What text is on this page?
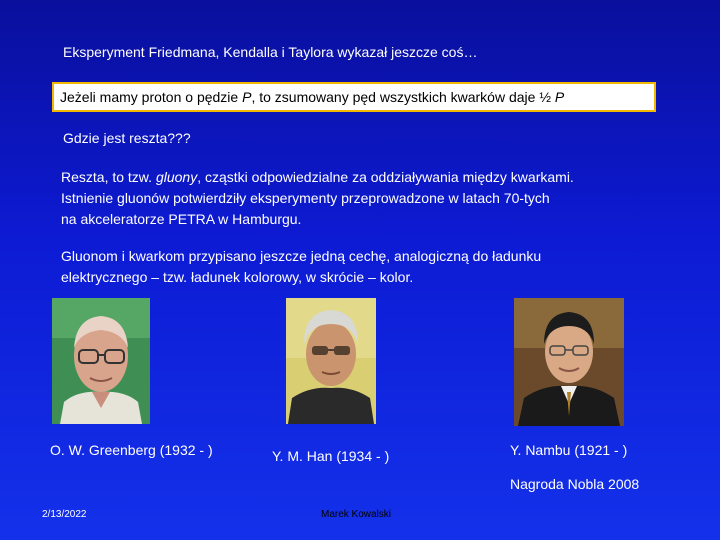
Eksperyment Friedmana, Kendalla i Taylora wykazał jeszcze coś…
Jeżeli mamy proton o pędzie P, to zsumowany pęd wszystkich kwarków daje ½ P
Gdzie jest reszta???
Reszta, to tzw. gluony, cząstki odpowiedzialne za oddziaływania między kwarkami.
Istnienie gluonów potwierdziły eksperymenty przeprowadzone w latach 70-tych
na akceleratorze PETRA w Hamburgu.
Gluonom i kwarkom przypisano jeszcze jedną cechę, analogiczną do ładunku
elektrycznego – tzw. ładunek kolorowy, w skrócie – kolor.
O. W. Greenberg (1932 - )	Y. M. Han (1934 - )	Y. Nambu (1921 - )
Nagroda Nobla 2008
2/13/2022	Marek Kowalski
